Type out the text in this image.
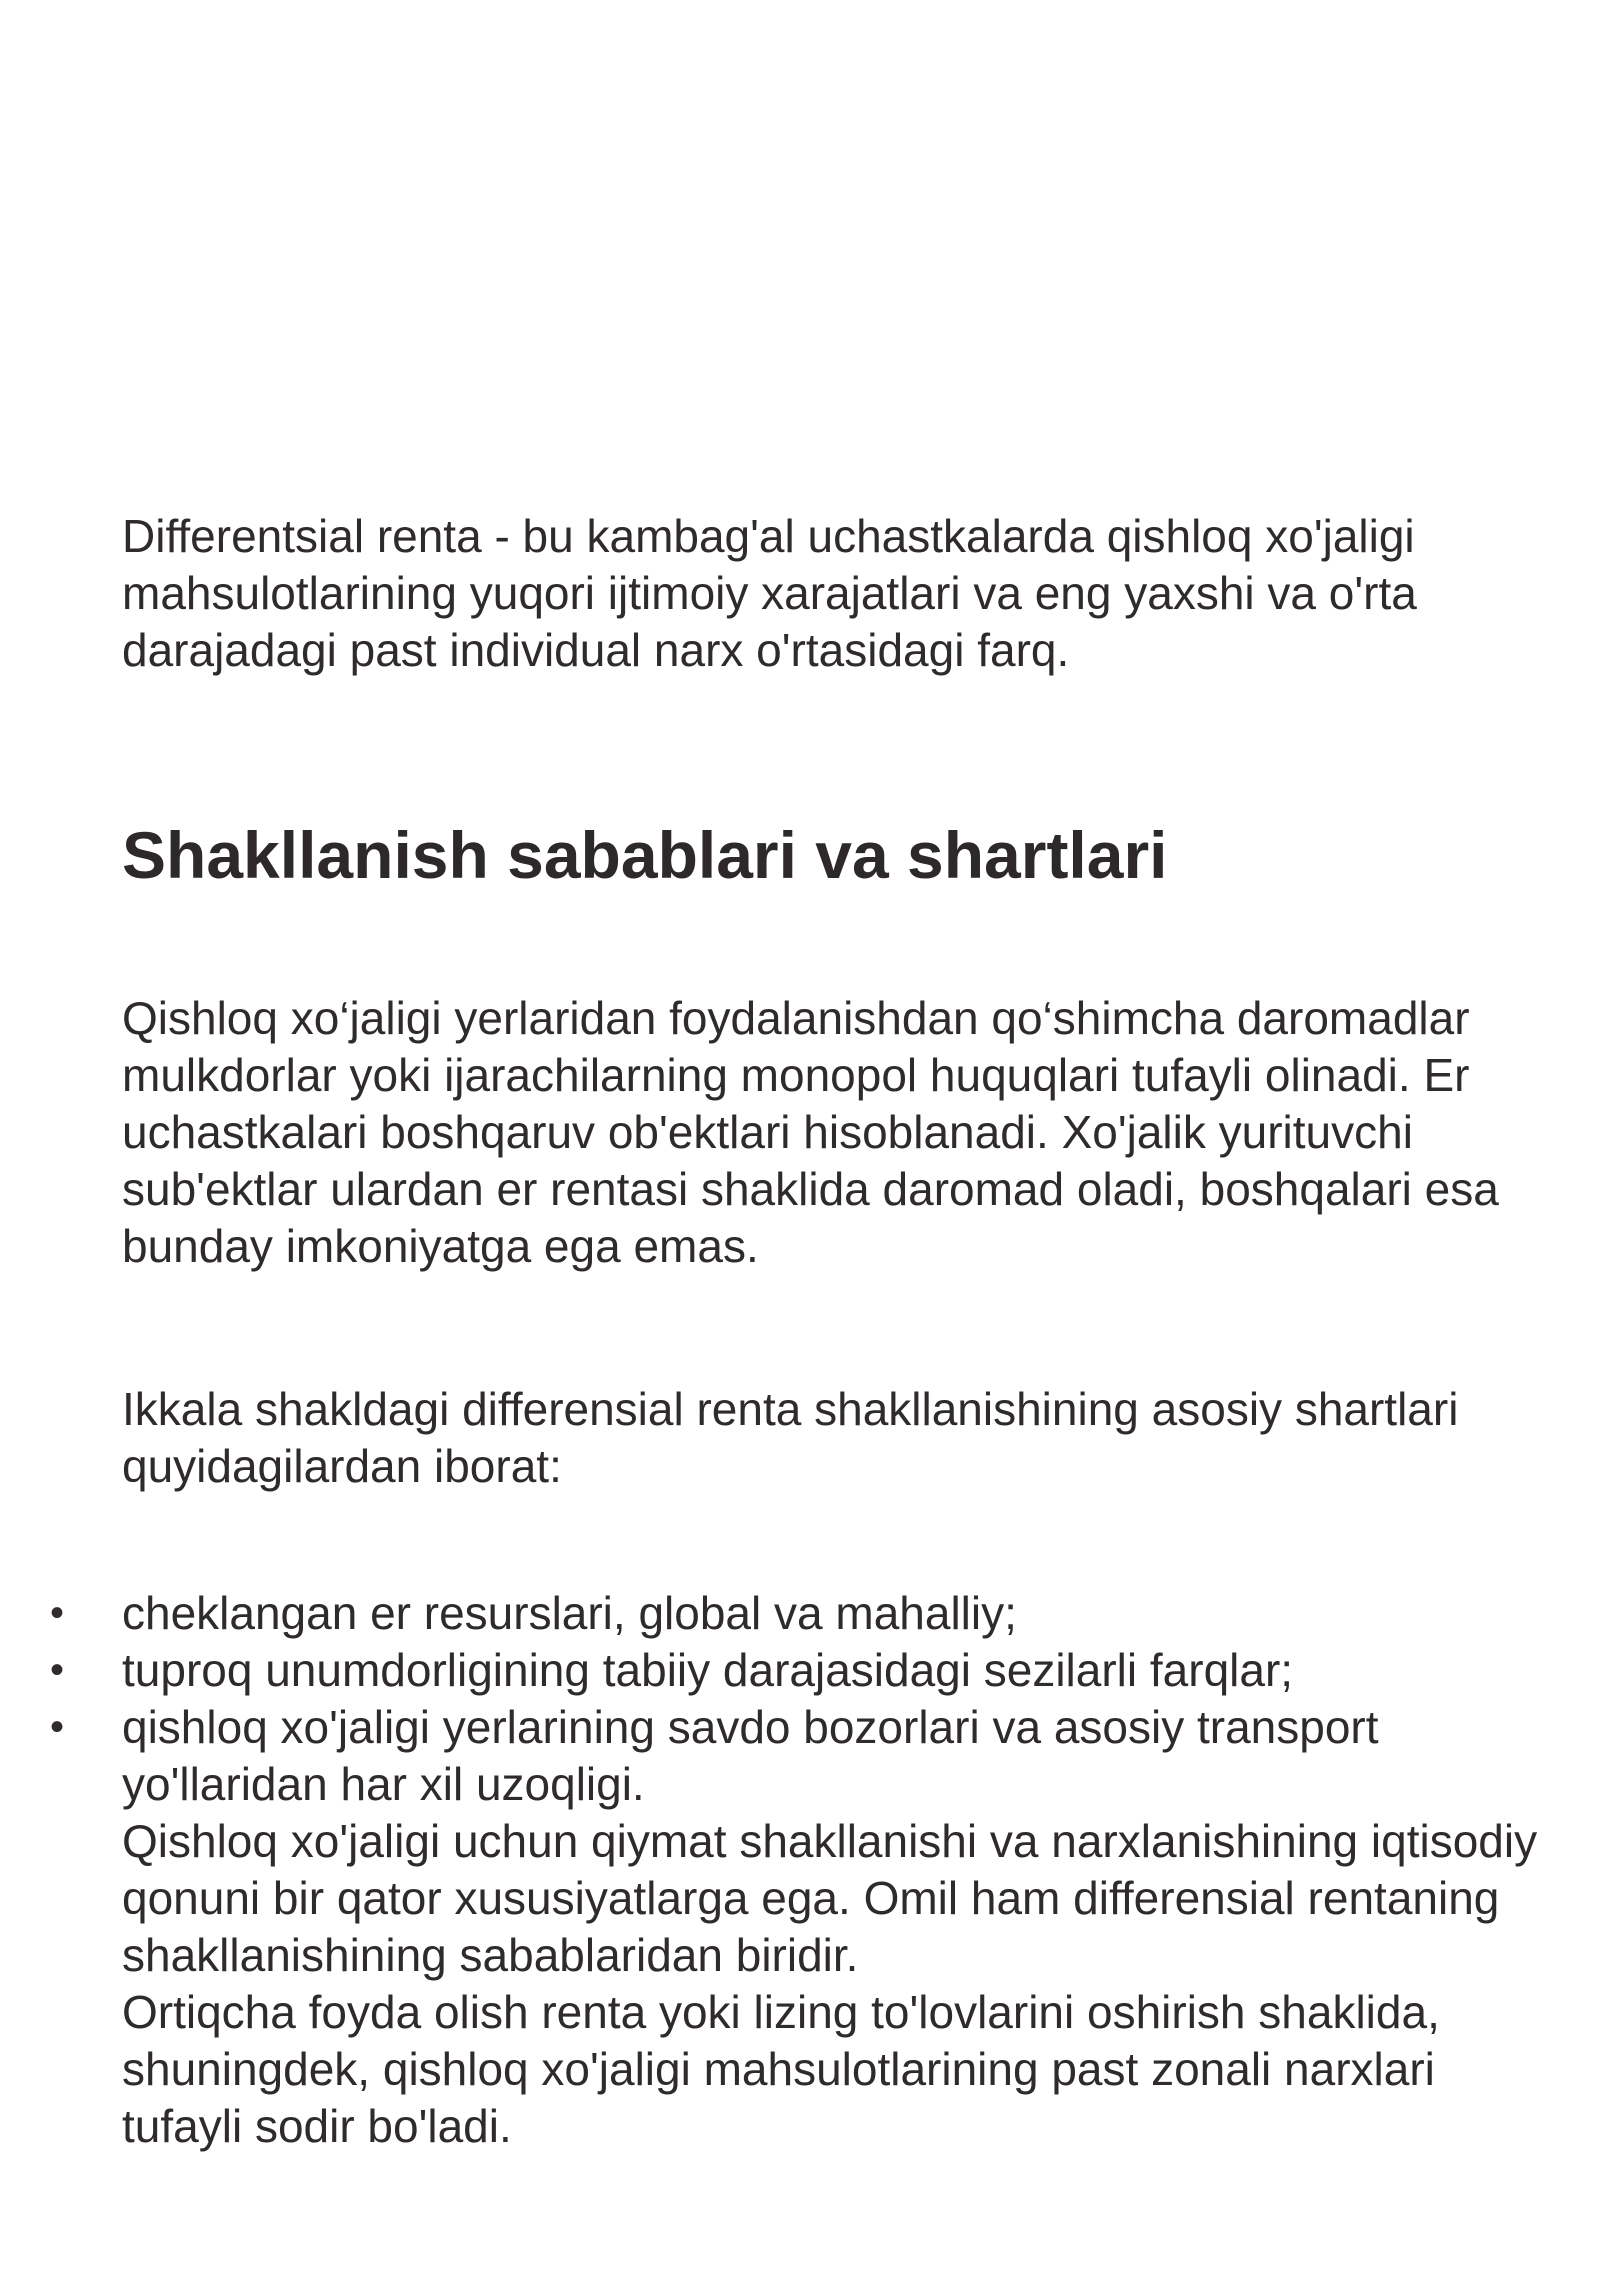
Differentsial renta - bu kambag'al uchastkalarda qishloq xo'jaligi mahsulotlarining yuqori ijtimoiy xarajatlari va eng yaxshi va o'rta darajadagi past individual narx o'rtasidagi farq.

Shakllanish sabablari va shartlari

Qishloq xo‘jaligi yerlaridan foydalanishdan qo‘shimcha daromadlar mulkdorlar yoki ijarachilarning monopol huquqlari tufayli olinadi. Er uchastkalari boshqaruv ob'ektlari hisoblanadi. Xo'jalik yurituvchi sub'ektlar ulardan er rentasi shaklida daromad oladi, boshqalari esa bunday imkoniyatga ega emas.

Ikkala shakldagi differensial renta shakllanishining asosiy shartlari quyidagilardan iborat:

• cheklangan er resurslari, global va mahalliy;
• tuproq unumdorligining tabiiy darajasidagi sezilarli farqlar;
• qishloq xo'jaligi yerlarining savdo bozorlari va asosiy transport yo'llaridan har xil uzoqligi.

Qishloq xo'jaligi uchun qiymat shakllanishi va narxlanishining iqtisodiy qonuni bir qator xususiyatlarga ega. Omil ham differensial rentaning shakllanishining sabablaridan biridir.

Ortiqcha foyda olish renta yoki lizing to'lovlarini oshirish shaklida, shuningdek, qishloq xo'jaligi mahsulotlarining past zonali narxlari tufayli sodir bo'ladi.
